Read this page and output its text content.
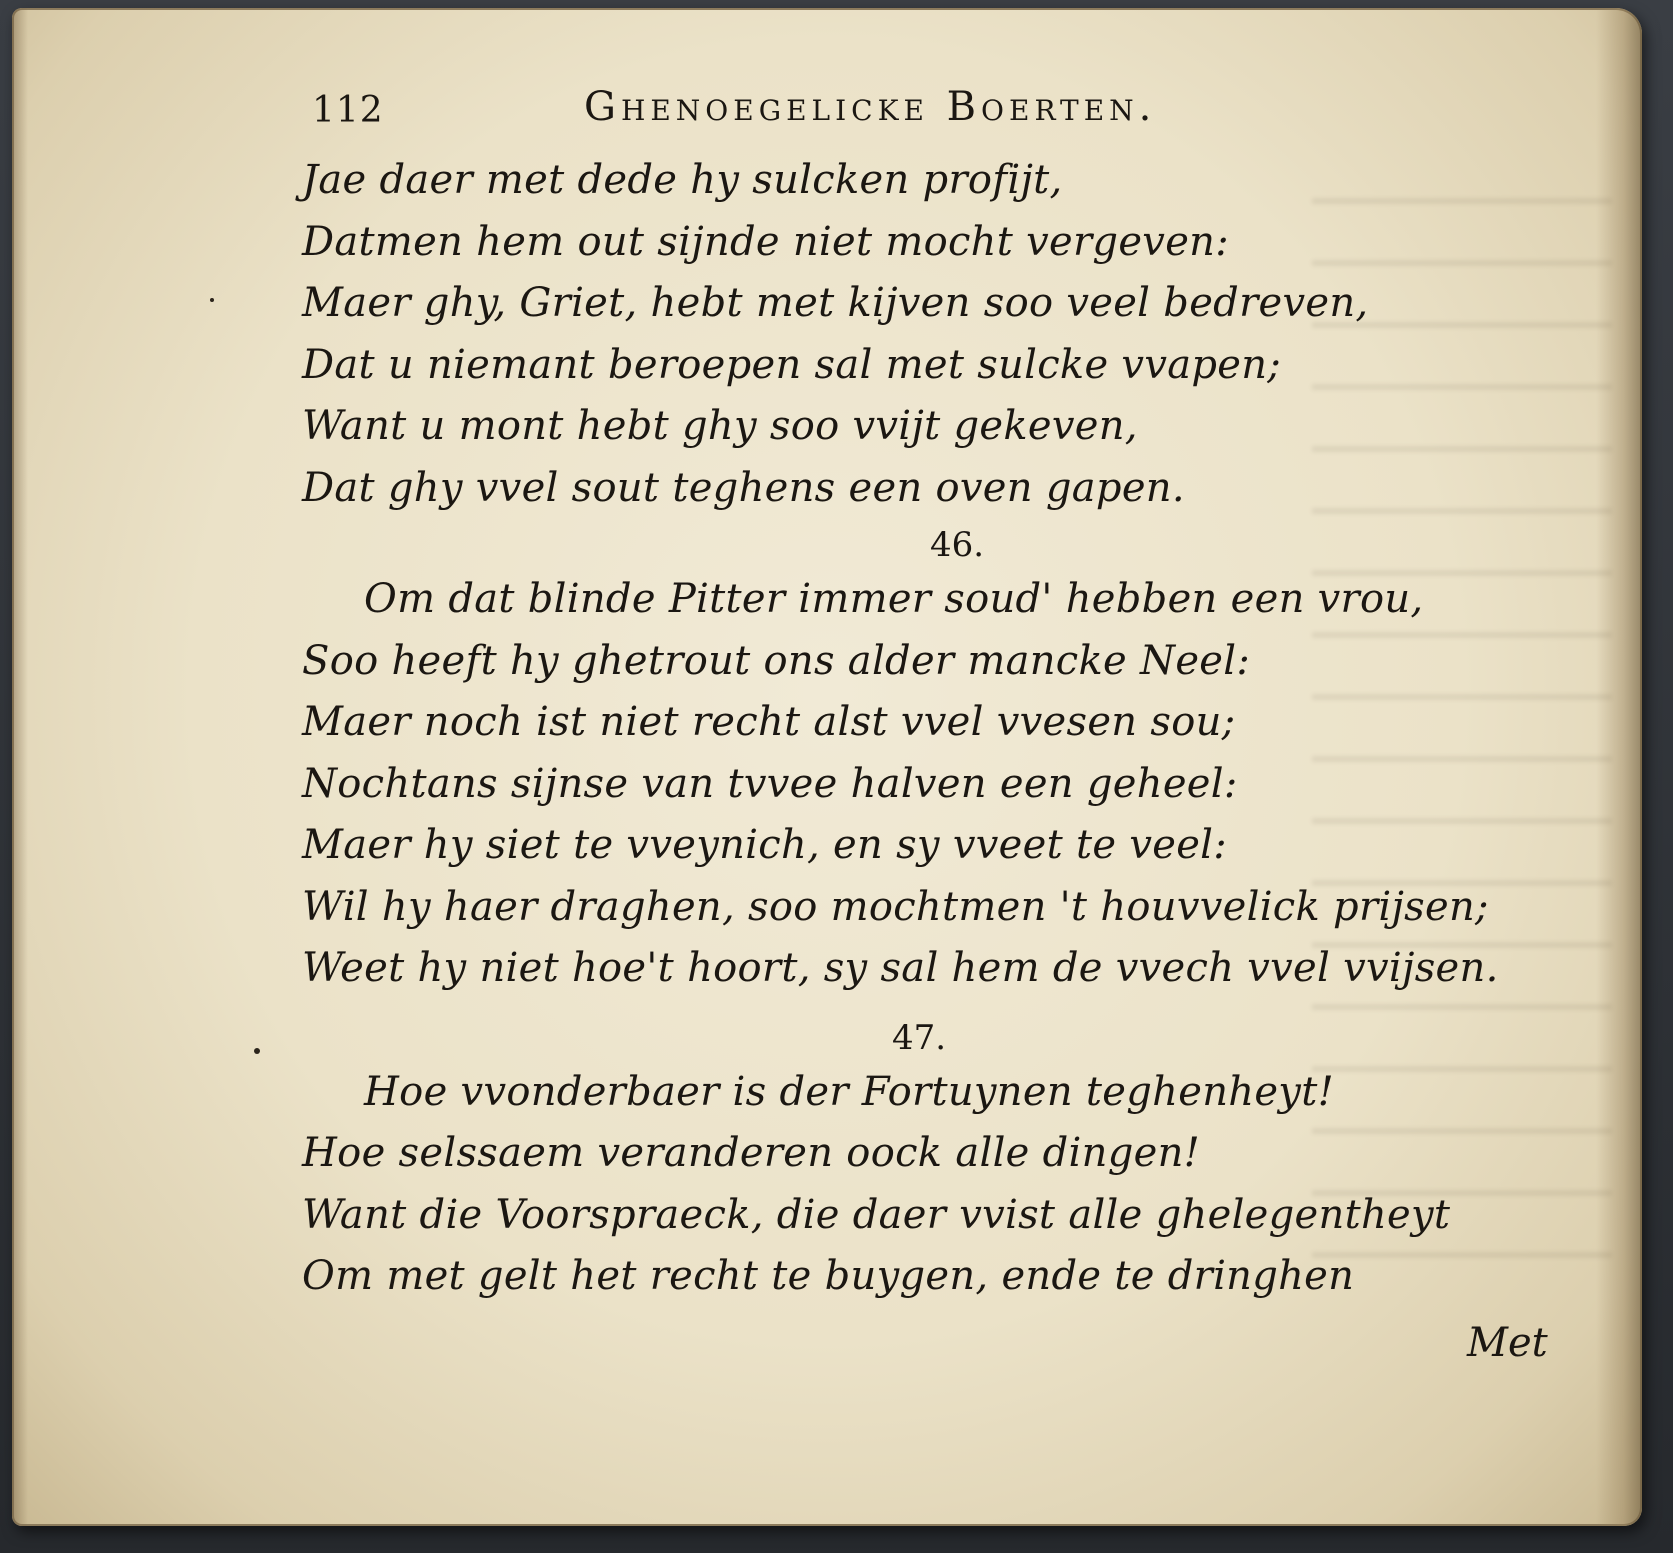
112	Ghenoegelicke Boerten.
Jae daer met dede hy sulcken profijt,
Datmen hem out sijnde niet mocht vergeven:
Maer ghy, Griet, hebt met kijven soo veel bedreven,
Dat u niemant beroepen sal met sulcke vvapen;
Want u mont hebt ghy soo vvijt gekeven,
Dat ghy vvel sout teghens een oven gapen.
46.
Om dat blinde Pitter immer soud' hebben een vrou,
Soo heeft hy ghetrout ons alder mancke Neel:
Maer noch ist niet recht alst vvel vvesen sou;
Nochtans sijnse van tvvee halven een geheel:
Maer hy siet te vveynich, en sy vveet te veel:
Wil hy haer draghen, soo mochtmen 't houvvelick prijsen;
Weet hy niet hoe't hoort, sy sal hem de vvech vvel vvijsen.
47.
Hoe vvonderbaer is der Fortuynen teghenheyt!
Hoe selssaem veranderen oock alle dingen!
Want die Voorspraeck, die daer vvist alle ghelegentheyt
Om met gelt het recht te buygen, ende te dringhen
Met
